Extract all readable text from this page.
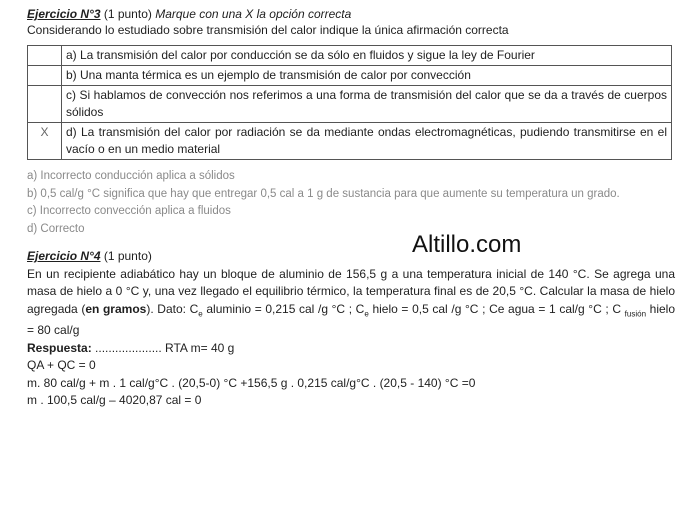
Ejercicio N°3 (1 punto) Marque con una X la opción correcta

Considerando lo estudiado sobre transmisión del calor indique la única afirmación correcta

	a) La transmisión del calor por conducción se da sólo en fluidos y sigue la ley de Fourier
	b) Una manta térmica es un ejemplo de transmisión de calor por convección
	c) Si hablamos de convección nos referimos a una forma de transmisión del calor que se da a través de cuerpos sólidos
X	d) La transmisión del calor por radiación se da mediante ondas electromagnéticas, pudiendo transmitirse en el vacío o en un medio material
a) Incorrecto conducción aplica a sólidos
b) 0,5 cal/g °C significa que hay que entregar 0,5 cal a 1 g de sustancia para que aumente su temperatura un grado.
c) Incorrecto convección aplica a fluidos
d) Correcto

Ejercicio N°4 (1 punto)

En un recipiente adiabático hay un bloque de aluminio de 156,5 g a una temperatura inicial de 140 °C. Se agrega una masa de hielo a 0 °C y, una vez llegado el equilibrio térmico, la temperatura final es de 20,5 °C. Calcular la masa de hielo agregada (en gramos). Dato: $C_e$ aluminio = 0,215 cal /g °C ; $C_e$ hielo = 0,5 cal /g °C ; Ce agua = 1 cal/g °C ; C $_{fusión}$ hielo = 80 cal/g

Respuesta: .................... RTA m= 40 g

QA + QC = 0

m. 80 cal/g + m . 1 cal/g°C . (20,5-0) °C +156,5 g . 0,215 cal/g°C . (20,5 - 140) °C =0

m . 100,5 cal/g – 4020,87 cal = 0

Altillo.com
